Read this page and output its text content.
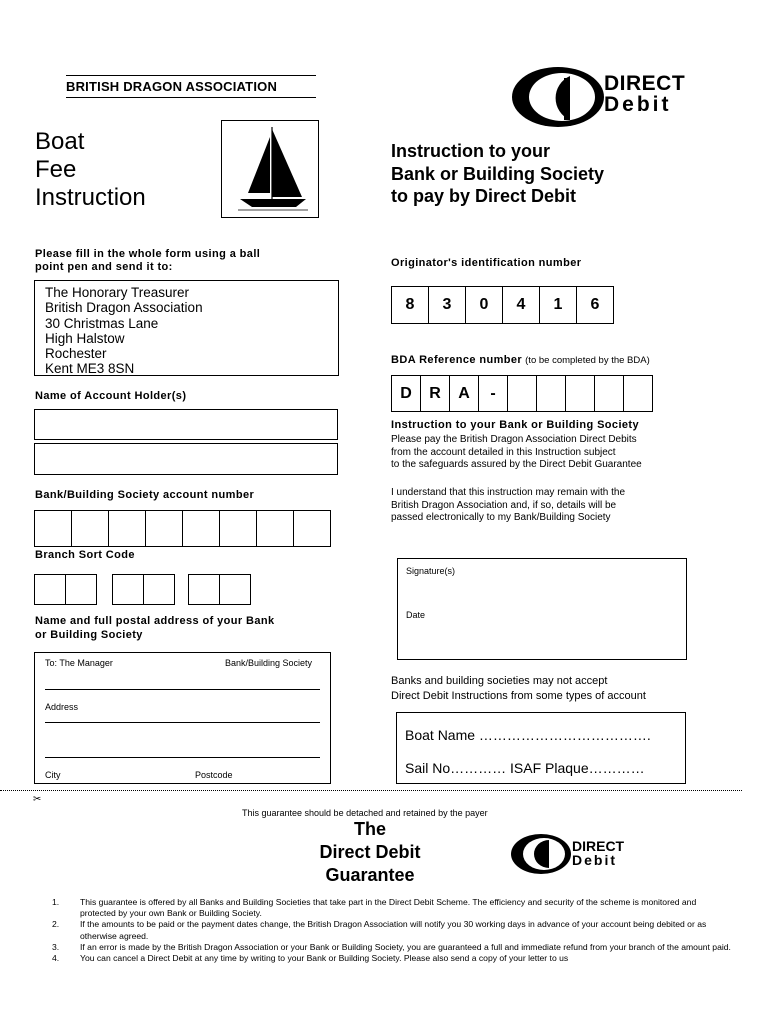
BRITISH DRAGON ASSOCIATION	DIRECT
Debit
Boat
Fee
Instruction
Instruction to your
Bank or Building Society
to pay by Direct Debit
Please fill in the whole form using a ball
point pen and send it to:
The Honorary Treasurer
British Dragon Association
30 Christmas Lane
High Halstow
Rochester
Kent ME3 8SN
Name of Account Holder(s)
Bank/Building Society account number
Branch Sort Code
Name and full postal address of your Bank
or Building Society
To: The Manager	Bank/Building Society
Address
City	Postcode
Originator's identification number
8	3	0	4	1	6
BDA Reference number (to be completed by the BDA)
D	R	A	-
Instruction to your Bank or Building Society
Please pay the British Dragon Association Direct Debits
from the account detailed in this Instruction subject
to the safeguards assured by the Direct Debit Guarantee
I understand that this instruction may remain with the
British Dragon Association and, if so, details will be
passed electronically to my Bank/Building Society
Signature(s)
Date
Banks and building societies may not accept
Direct Debit Instructions from some types of account
Boat Name ……………………………….
Sail No………… ISAF Plaque…………
✂
This guarantee should be detached and retained by the payer
The
Direct Debit
Guarantee
DIRECT
Debit
1.	This guarantee is offered by all Banks and Building Societies that take part in the Direct Debit Scheme. The efficiency and security of the scheme is monitored and protected by your own Bank or Building Society.
2.	If the amounts to be paid or the payment dates change, the British Dragon Association will notify you 30 working days in advance of your account being debited or as otherwise agreed.
3.	If an error is made by the British Dragon Association or your Bank or Building Society, you are guaranteed a full and immediate refund from your branch of the amount paid.
4.	You can cancel a Direct Debit at any time by writing to your Bank or Building Society. Please also send a copy of your letter to us
